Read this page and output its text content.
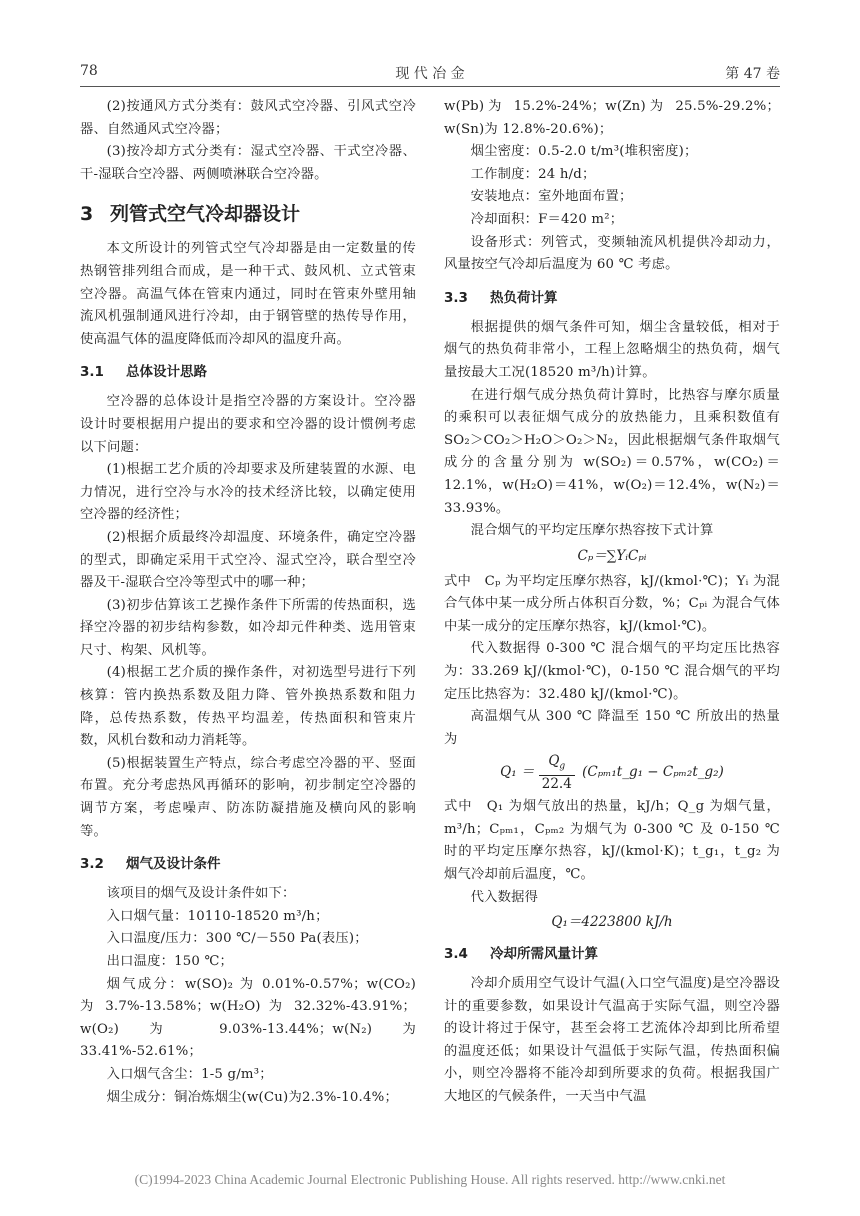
78	现 代 冶 金	第 47 卷

(2)按通风方式分类有：鼓风式空冷器、引风式空冷器、自然通风式空冷器；

(3)按冷却方式分类有：湿式空冷器、干式空冷器、干-湿联合空冷器、两侧喷淋联合空冷器。

3 列管式空气冷却器设计

本文所设计的列管式空气冷却器是由一定数量的传热钢管排列组合而成，是一种干式、鼓风机、立式管束空冷器。高温气体在管束内通过，同时在管束外壁用轴流风机强制通风进行冷却，由于钢管壁的热传导作用，使高温气体的温度降低而冷却风的温度升高。

3.1 总体设计思路

空冷器的总体设计是指空冷器的方案设计。空冷器设计时要根据用户提出的要求和空冷器的设计惯例考虑以下问题：

(1)根据工艺介质的冷却要求及所建装置的水源、电力情况，进行空冷与水冷的技术经济比较，以确定使用空冷器的经济性；

(2)根据介质最终冷却温度、环境条件，确定空冷器的型式，即确定采用干式空冷、湿式空冷，联合型空冷器及干-湿联合空冷等型式中的哪一种；

(3)初步估算该工艺操作条件下所需的传热面积，选择空冷器的初步结构参数，如冷却元件种类、选用管束尺寸、构架、风机等。

(4)根据工艺介质的操作条件，对初选型号进行下列核算：管内换热系数及阻力降、管外换热系数和阻力降，总传热系数，传热平均温差，传热面积和管束片数，风机台数和动力消耗等。

(5)根据装置生产特点，综合考虑空冷器的平、竖面布置。充分考虑热风再循环的影响，初步制定空冷器的调节方案，考虑噪声、防冻防凝措施及横向风的影响等。

3.2 烟气及设计条件

该项目的烟气及设计条件如下：

入口烟气量：10110-18520 m³/h；

入口温度/压力：300 ℃/－550 Pa(表压)；

出口温度：150 ℃；

烟气成分：w(SO)₂ 为 0.01%-0.57%；w(CO₂) 为 3.7%-13.58%；w(H₂O) 为 32.32%-43.91%；w(O₂) 为 9.03%-13.44%；w(N₂) 为 33.41%-52.61%；

入口烟气含尘：1-5 g/m³；

烟尘成分：铜冶炼烟尘(w(Cu)为2.3%-10.4%；

w(Pb)为 15.2%-24%；w(Zn)为 25.5%-29.2%；w(Sn)为 12.8%-20.6%)；

烟尘密度：0.5-2.0 t/m³(堆积密度)；

工作制度：24 h/d；

安装地点：室外地面布置；

冷却面积：F＝420 m²；

设备形式：列管式，变频轴流风机提供冷却动力，风量按空气冷却后温度为 60 ℃ 考虑。

3.3 热负荷计算

根据提供的烟气条件可知，烟尘含量较低，相对于烟气的热负荷非常小，工程上忽略烟尘的热负荷，烟气量按最大工况(18520 m³/h)计算。

在进行烟气成分热负荷计算时，比热容与摩尔质量的乘积可以表征烟气成分的放热能力，且乘积数值有 SO₂＞CO₂＞H₂O＞O₂＞N₂，因此根据烟气条件取烟气成分的含量分别为 w(SO₂)＝0.57%，w(CO₂)＝12.1%，w(H₂O)＝41%，w(O₂)＝12.4%，w(N₂)＝33.93%。

混合烟气的平均定压摩尔热容按下式计算

Cₚ＝∑YᵢCₚᵢ

式中　Cₚ 为平均定压摩尔热容，kJ/(kmol·℃)；Yᵢ 为混合气体中某一成分所占体积百分数，%；Cₚᵢ 为混合气体中某一成分的定压摩尔热容，kJ/(kmol·℃)。

代入数据得 0-300 ℃ 混合烟气的平均定压比热容为：33.269 kJ/(kmol·℃)，0-150 ℃ 混合烟气的平均定压比热容为：32.480 kJ/(kmol·℃)。

高温烟气从 300 ℃ 降温至 150 ℃ 所放出的热量为

$Q_1 = \frac{Q_g}{22.4}$ (Cₚₘ₁t_g₁ − Cₚₘ₂t_g₂)

式中　Q₁ 为烟气放出的热量，kJ/h；Q_g 为烟气量，m³/h；Cₚₘ₁，Cₚₘ₂ 为烟气为 0-300 ℃ 及 0-150 ℃ 时的平均定压摩尔热容，kJ/(kmol·K)；t_g₁，t_g₂ 为烟气冷却前后温度，℃。

代入数据得

Q₁＝4223800 kJ/h
3.4 冷却所需风量计算

冷却介质用空气设计气温(入口空气温度)是空冷器设计的重要参数，如果设计气温高于实际气温，则空冷器的设计将过于保守，甚至会将工艺流体冷却到比所希望的温度还低；如果设计气温低于实际气温，传热面积偏小，则空冷器将不能冷却到所要求的负荷。根据我国广大地区的气候条件，一天当中气温

(C)1994-2023 China Academic Journal Electronic Publishing House. All rights reserved. http://www.cnki.net
